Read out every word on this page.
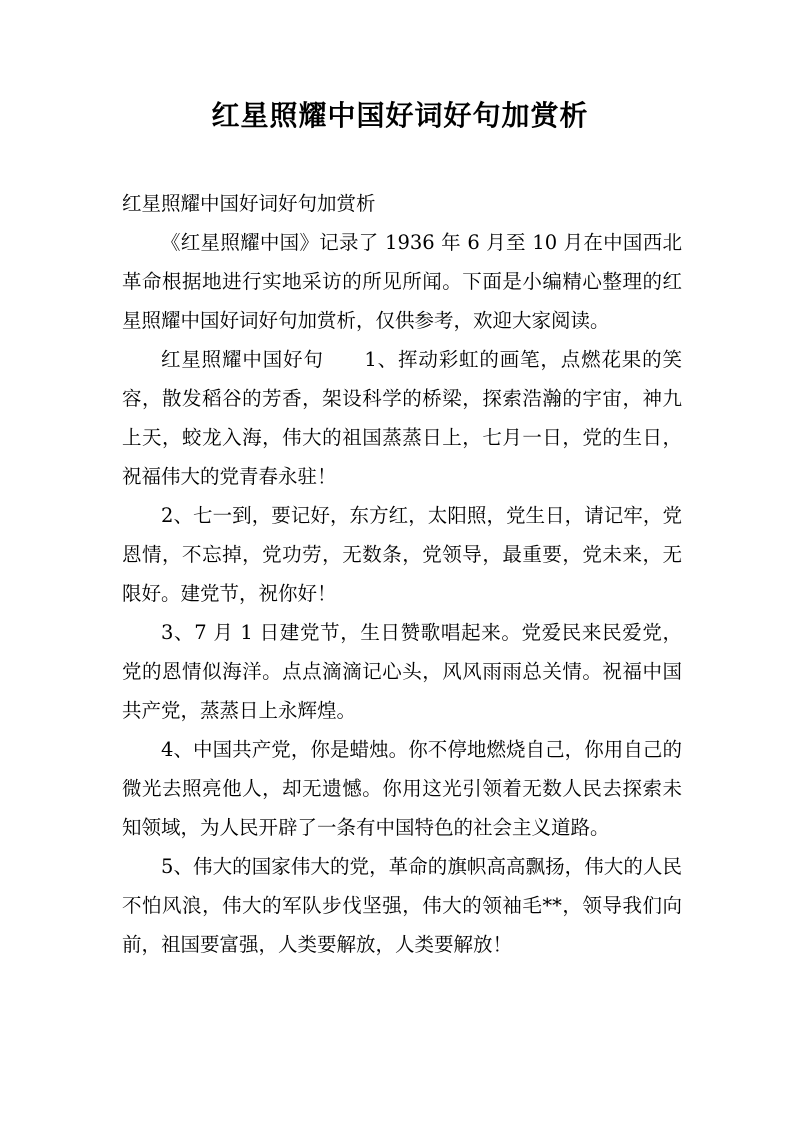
红星照耀中国好词好句加赏析

红星照耀中国好词好句加赏析

《红星照耀中国》记录了 1936 年 6 月至 10 月在中国西北革命根据地进行实地采访的所见所闻。下面是小编精心整理的红星照耀中国好词好句加赏析，仅供参考，欢迎大家阅读。

红星照耀中国好句　　1、挥动彩虹的画笔，点燃花果的笑容，散发稻谷的芳香，架设科学的桥梁，探索浩瀚的宇宙，神九上天，蛟龙入海，伟大的祖国蒸蒸日上，七月一日，党的生日，祝福伟大的党青春永驻！

2、七一到，要记好，东方红，太阳照，党生日，请记牢，党恩情，不忘掉，党功劳，无数条，党领导，最重要，党未来，无限好。建党节，祝你好！

3、7 月 1 日建党节，生日赞歌唱起来。党爱民来民爱党，党的恩情似海洋。点点滴滴记心头，风风雨雨总关情。祝福中国共产党，蒸蒸日上永辉煌。

4、中国共产党，你是蜡烛。你不停地燃烧自己，你用自己的微光去照亮他人，却无遗憾。你用这光引领着无数人民去探索未知领域，为人民开辟了一条有中国特色的社会主义道路。

5、伟大的国家伟大的党，革命的旗帜高高飘扬，伟大的人民不怕风浪，伟大的军队步伐坚强，伟大的领袖毛**，领导我们向前，祖国要富强，人类要解放，人类要解放！
